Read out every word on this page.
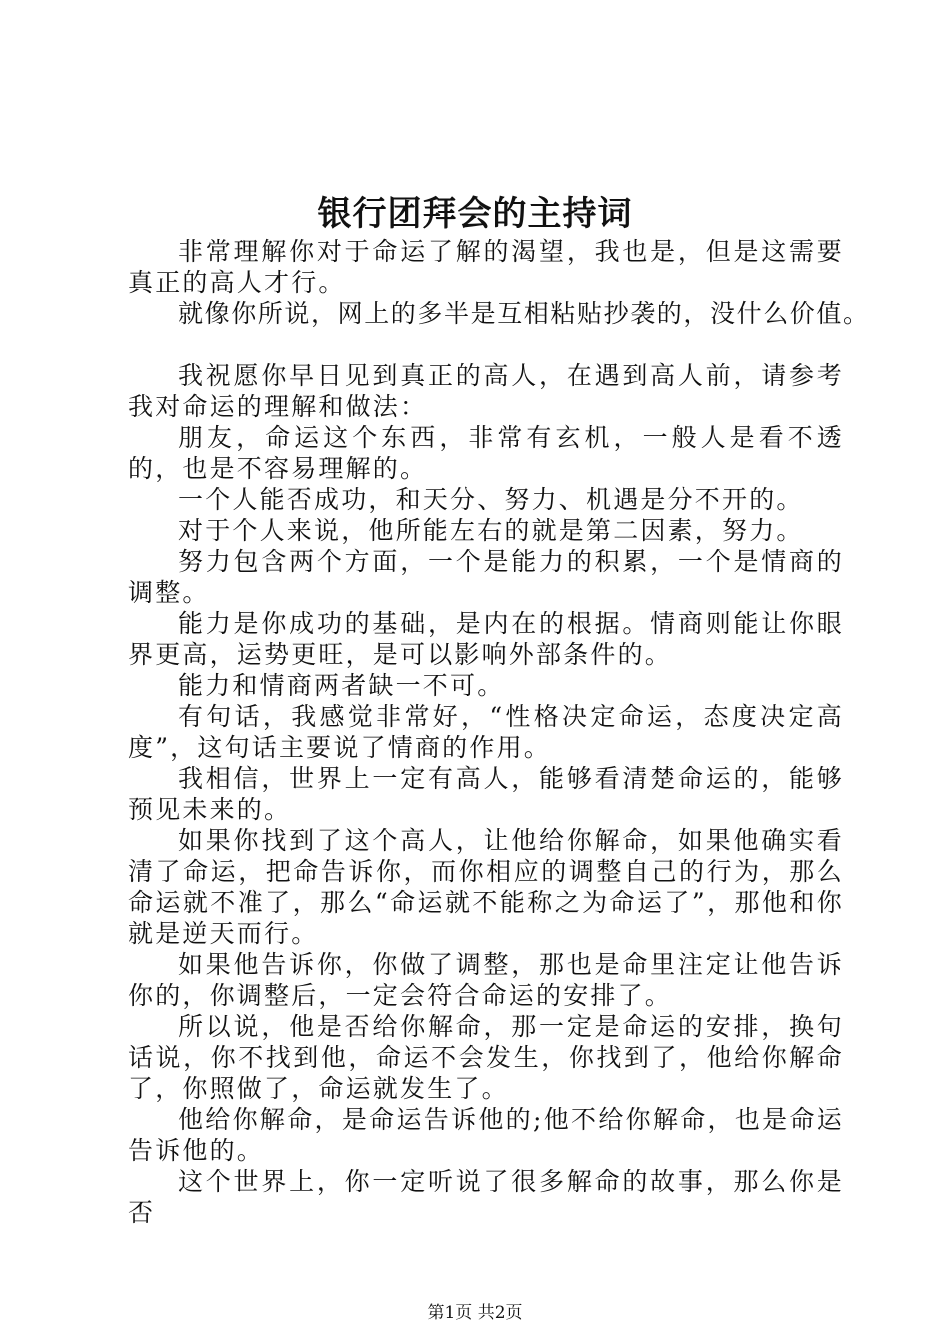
银行团拜会的主持词

非常理解你对于命运了解的渴望，我也是，但是这需要真正的高人才行。

就像你所说，网上的多半是互相粘贴抄袭的，没什么价值。

我祝愿你早日见到真正的高人，在遇到高人前，请参考我对命运的理解和做法：

朋友，命运这个东西，非常有玄机，一般人是看不透的，也是不容易理解的。

一个人能否成功，和天分、努力、机遇是分不开的。

对于个人来说，他所能左右的就是第二因素，努力。

努力包含两个方面，一个是能力的积累，一个是情商的调整。

能力是你成功的基础，是内在的根据。情商则能让你眼界更高，运势更旺，是可以影响外部条件的。

能力和情商两者缺一不可。

有句话，我感觉非常好，“性格决定命运，态度决定高度”，这句话主要说了情商的作用。

我相信，世界上一定有高人，能够看清楚命运的，能够预见未来的。

如果你找到了这个高人，让他给你解命，如果他确实看清了命运，把命告诉你，而你相应的调整自己的行为，那么命运就不准了，那么“命运就不能称之为命运了”，那他和你就是逆天而行。

如果他告诉你，你做了调整，那也是命里注定让他告诉你的，你调整后，一定会符合命运的安排了。

所以说，他是否给你解命，那一定是命运的安排，换句话说，你不找到他，命运不会发生，你找到了，他给你解命了，你照做了，命运就发生了。

他给你解命，是命运告诉他的;他不给你解命，也是命运告诉他的。

这个世界上，你一定听说了很多解命的故事，那么你是否

第1页 共2页
